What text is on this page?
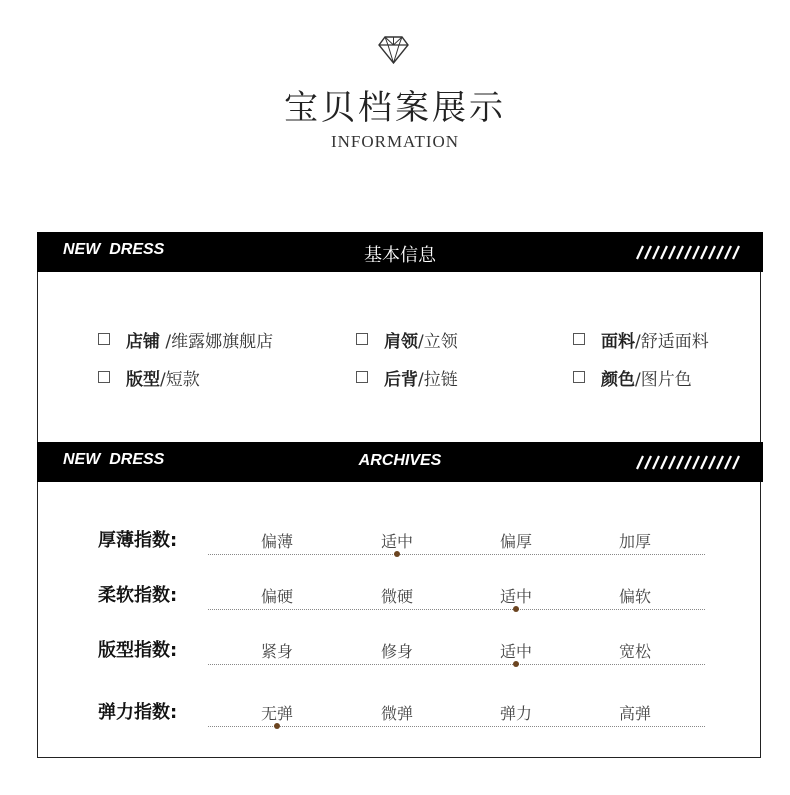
宝贝档案展示
INFORMATION
NEW  DRESS	基本信息
店铺 /维露娜旗舰店	肩领/立领	面料/舒适面料
版型/短款	后背/拉链	颜色/图片色
NEW  DRESS	ARCHIVES
厚薄指数:	偏薄	适中	偏厚	加厚
柔软指数:	偏硬	微硬	适中	偏软
版型指数:	紧身	修身	适中	宽松
弹力指数:	无弹	微弹	弹力	高弹
